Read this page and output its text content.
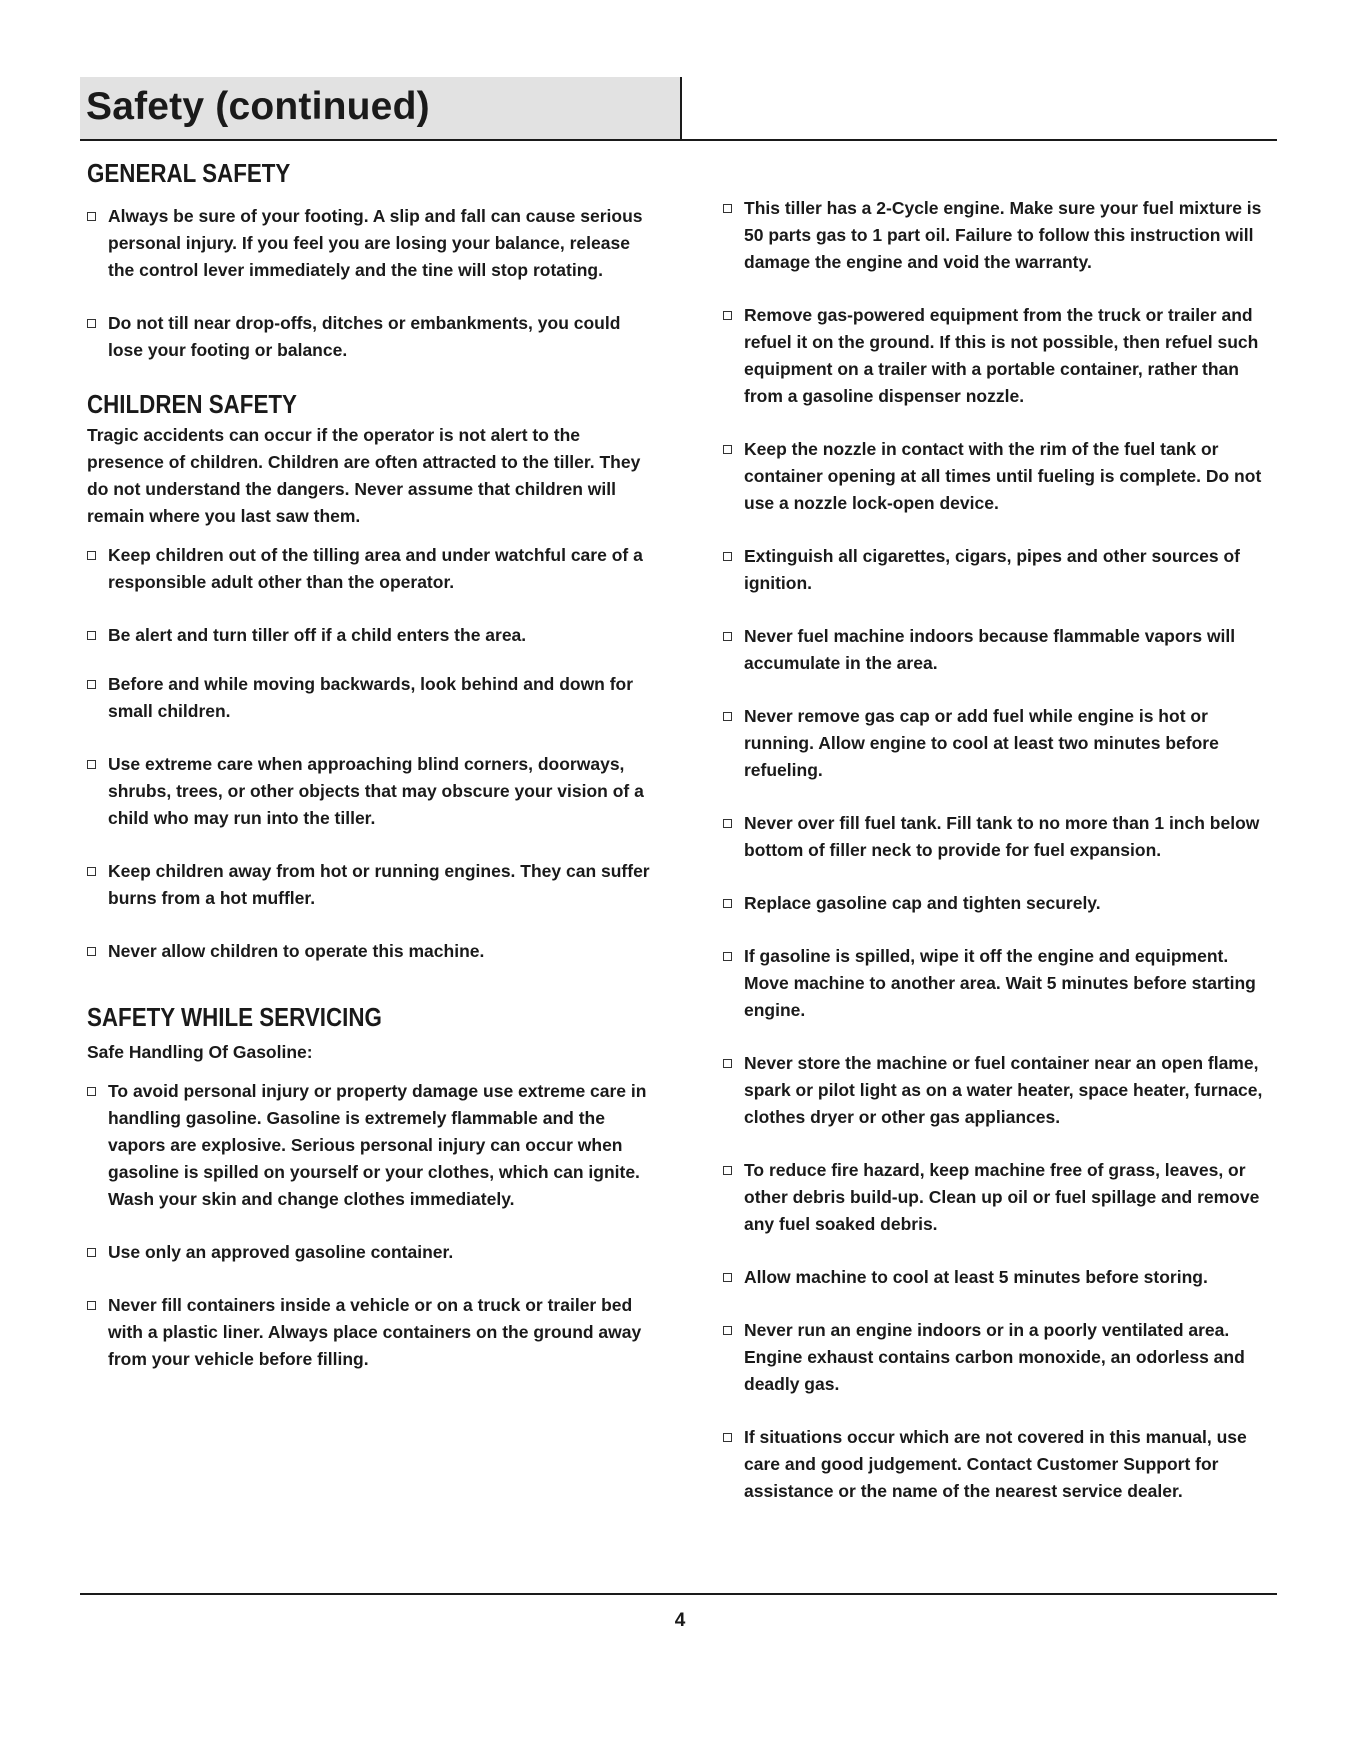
Safety (continued)
GENERAL SAFETY
Always be sure of your footing. A slip and fall can cause serious personal injury. If you feel you are losing your balance, release the control lever immediately and the tine will stop rotating.
Do not till near drop-offs, ditches or embankments, you could lose your footing or balance.
CHILDREN SAFETY

Tragic accidents can occur if the operator is not alert to the presence of children. Children are often attracted to the tiller. They do not understand the dangers. Never assume that children will remain where you last saw them.

Keep children out of the tilling area and under watchful care of a responsible adult other than the operator.
Be alert and turn tiller off if a child enters the area.
Before and while moving backwards, look behind and down for small children.
Use extreme care when approaching blind corners, doorways, shrubs, trees, or other objects that may obscure your vision of a child who may run into the tiller.
Keep children away from hot or running engines. They can suffer burns from a hot muffler.
Never allow children to operate this machine.
SAFETY WHILE SERVICING

Safe Handling Of Gasoline:

To avoid personal injury or property damage use extreme care in handling gasoline. Gasoline is extremely flammable and the vapors are explosive. Serious personal injury can occur when gasoline is spilled on yourself or your clothes, which can ignite. Wash your skin and change clothes immediately.
Use only an approved gasoline container.
Never fill containers inside a vehicle or on a truck or trailer bed with a plastic liner. Always place containers on the ground away from your vehicle before filling.
This tiller has a 2-Cycle engine. Make sure your fuel mixture is 50 parts gas to 1 part oil. Failure to follow this instruction will damage the engine and void the warranty.
Remove gas-powered equipment from the truck or trailer and refuel it on the ground. If this is not possible, then refuel such equipment on a trailer with a portable container, rather than from a gasoline dispenser nozzle.
Keep the nozzle in contact with the rim of the fuel tank or container opening at all times until fueling is complete. Do not use a nozzle lock-open device.
Extinguish all cigarettes, cigars, pipes and other sources of ignition.
Never fuel machine indoors because flammable vapors will accumulate in the area.
Never remove gas cap or add fuel while engine is hot or running. Allow engine to cool at least two minutes before refueling.
Never over fill fuel tank. Fill tank to no more than 1 inch below bottom of filler neck to provide for fuel expansion.
Replace gasoline cap and tighten securely.
If gasoline is spilled, wipe it off the engine and equipment. Move machine to another area. Wait 5 minutes before starting engine.
Never store the machine or fuel container near an open flame, spark or pilot light as on a water heater, space heater, furnace, clothes dryer or other gas appliances.
To reduce fire hazard, keep machine free of grass, leaves, or other debris build-up. Clean up oil or fuel spillage and remove any fuel soaked debris.
Allow machine to cool at least 5 minutes before storing.
Never run an engine indoors or in a poorly ventilated area. Engine exhaust contains carbon monoxide, an odorless and deadly gas.
If situations occur which are not covered in this manual, use care and good judgement. Contact Customer Support for assistance or the name of the nearest service dealer.
4
